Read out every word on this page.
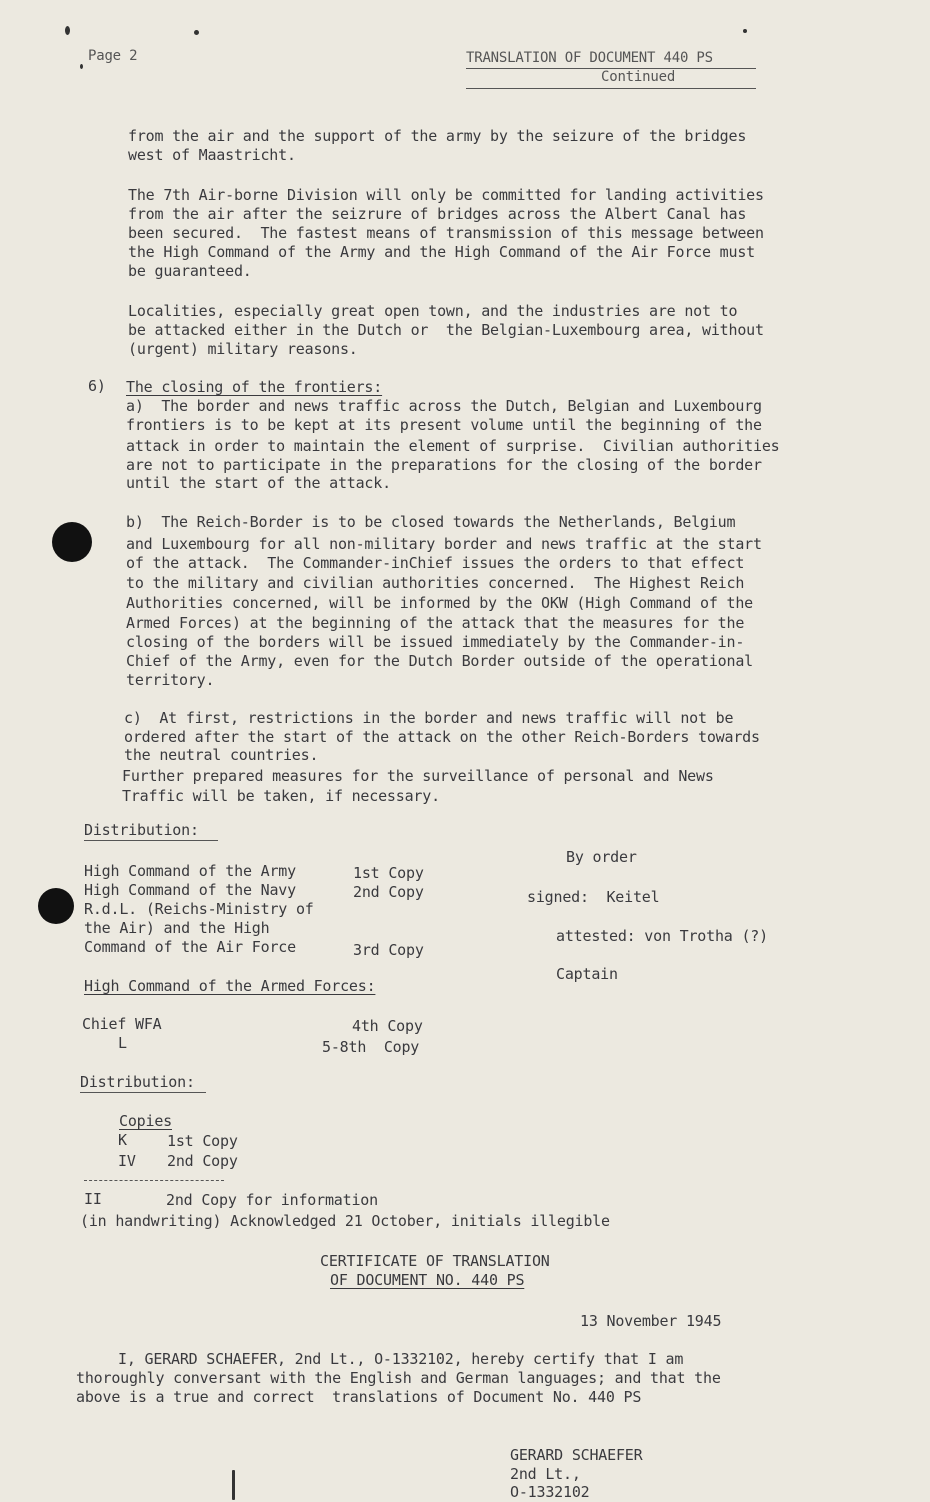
Page 2	TRANSLATION OF DOCUMENT 440 PS
Continued
from the air and the support of the army by the seizure of the bridges
west of Maastricht.
The 7th Air-borne Division will only be committed for landing activities
from the air after the seizrure of bridges across the Albert Canal has
been secured.  The fastest means of transmission of this message between
the High Command of the Army and the High Command of the Air Force must
be guaranteed.
Localities, especially great open town, and the industries are not to
be attacked either in the Dutch or  the Belgian-Luxembourg area, without
(urgent) military reasons.
6) The closing of the frontiers:
a)  The border and news traffic across the Dutch, Belgian and Luxembourg
frontiers is to be kept at its present volume until the beginning of the
attack in order to maintain the element of surprise.  Civilian authorities
are not to participate in the preparations for the closing of the border
until the start of the attack.
b)  The Reich-Border is to be closed towards the Netherlands, Belgium
and Luxembourg for all non-military border and news traffic at the start
of the attack.  The Commander-inChief issues the orders to that effect
to the military and civilian authorities concerned.  The Highest Reich
Authorities concerned, will be informed by the OKW (High Command of the
Armed Forces) at the beginning of the attack that the measures for the
closing of the borders will be issued immediately by the Commander-in-
Chief of the Army, even for the Dutch Border outside of the operational
territory.
c)  At first, restrictions in the border and news traffic will not be
ordered after the start of the attack on the other Reich-Borders towards
the neutral countries.
Further prepared measures for the surveillance of personal and News
Traffic will be taken, if necessary.
Distribution:
High Command of the Army	1st Copy
High Command of the Navy	2nd Copy
R.d.L. (Reichs-Ministry of
the Air) and the High
Command of the Air Force	3rd Copy
High Command of the Armed Forces:
Chief WFA	4th Copy
L	5-8th  Copy
Distribution:
Copies
K	1st Copy
IV 2nd Copy
II	2nd Copy for information
(in handwriting) Acknowledged 21 October, initials illegible
By order
signed:  Keitel
attested: von Trotha (?)
Captain
CERTIFICATE OF TRANSLATION
OF DOCUMENT NO. 440 PS
13 November 1945
I, GERARD SCHAEFER, 2nd Lt., O-1332102, hereby certify that I am
thoroughly conversant with the English and German languages; and that the
above is a true and correct  translations of Document No. 440 PS
GERARD SCHAEFER
2nd Lt.,
O-1332102
